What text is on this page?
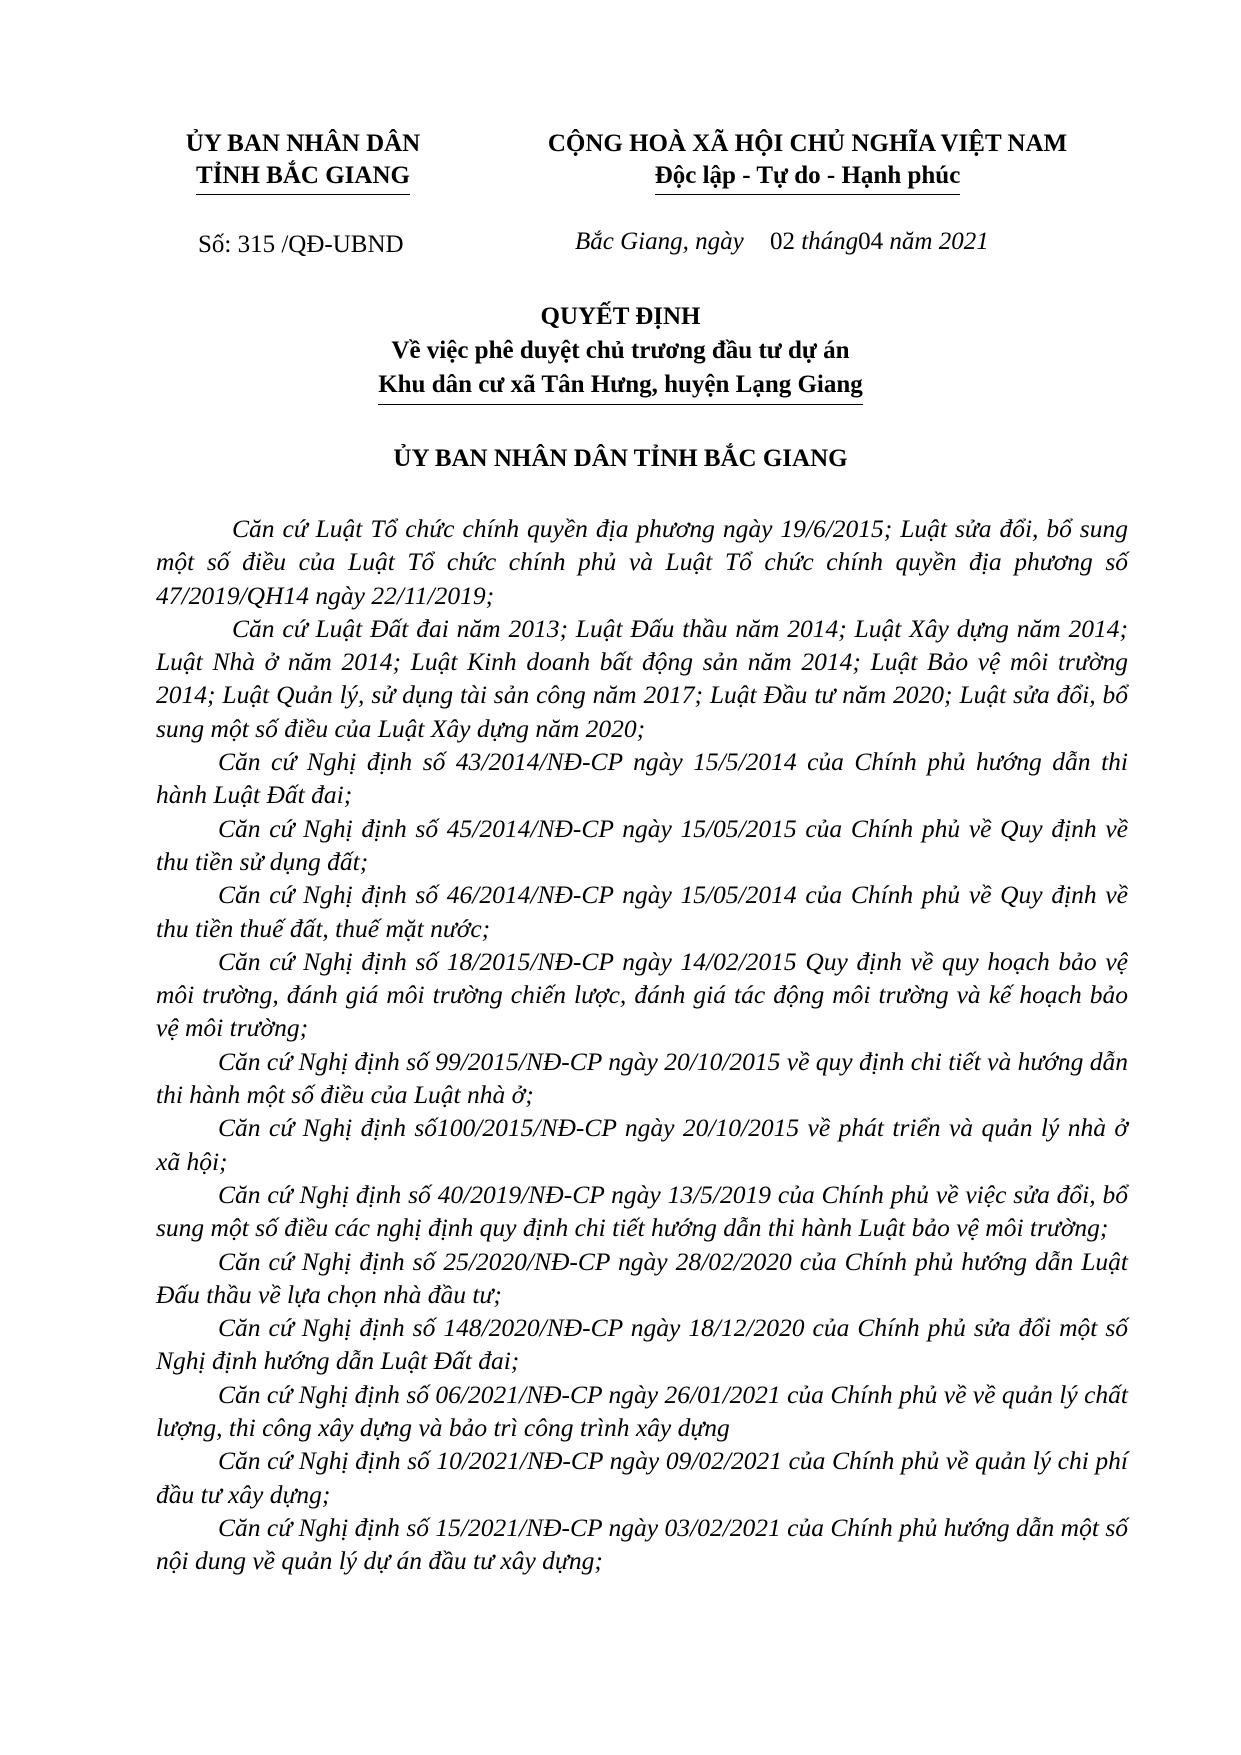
ỦY BAN NHÂN DÂN
TỈNH BẮC GIANG
CỘNG HOÀ XÃ HỘI CHỦ NGHĨA VIỆT NAM
Độc lập - Tự do - Hạnh phúc
Số: 315 /QĐ-UBND	Bắc Giang, ngày 02 tháng04 năm 2021
QUYẾT ĐỊNH
Về việc phê duyệt chủ trương đầu tư dự án
Khu dân cư xã Tân Hưng, huyện Lạng Giang
ỦY BAN NHÂN DÂN TỈNH BẮC GIANG

Căn cứ Luật Tổ chức chính quyền địa phương ngày 19/6/2015; Luật sửa đổi, bổ sung một số điều của Luật Tổ chức chính phủ và Luật Tổ chức chính quyền địa phương số 47/2019/QH14 ngày 22/11/2019;

Căn cứ Luật Đất đai năm 2013; Luật Đấu thầu năm 2014; Luật Xây dựng năm 2014; Luật Nhà ở năm 2014; Luật Kinh doanh bất động sản năm 2014; Luật Bảo vệ môi trường 2014; Luật Quản lý, sử dụng tài sản công năm 2017; Luật Đầu tư năm 2020; Luật sửa đổi, bổ sung một số điều của Luật Xây dựng năm 2020;

Căn cứ Nghị định số 43/2014/NĐ-CP ngày 15/5/2014 của Chính phủ hướng dẫn thi hành Luật Đất đai;

Căn cứ Nghị định số 45/2014/NĐ-CP ngày 15/05/2015 của Chính phủ về Quy định về thu tiền sử dụng đất;

Căn cứ Nghị định số 46/2014/NĐ-CP ngày 15/05/2014 của Chính phủ về Quy định về thu tiền thuế đất, thuế mặt nước;

Căn cứ Nghị định số 18/2015/NĐ-CP ngày 14/02/2015 Quy định về quy hoạch bảo vệ môi trường, đánh giá môi trường chiến lược, đánh giá tác động môi trường và kế hoạch bảo vệ môi trường;

Căn cứ Nghị định số 99/2015/NĐ-CP ngày 20/10/2015 về quy định chi tiết và hướng dẫn thi hành một số điều của Luật nhà ở;

Căn cứ Nghị định số100/2015/NĐ-CP ngày 20/10/2015 về phát triển và quản lý nhà ở xã hội;

Căn cứ Nghị định số 40/2019/NĐ-CP ngày 13/5/2019 của Chính phủ về việc sửa đổi, bổ sung một số điều các nghị định quy định chi tiết hướng dẫn thi hành Luật bảo vệ môi trường;

Căn cứ Nghị định số 25/2020/NĐ-CP ngày 28/02/2020 của Chính phủ hướng dẫn Luật Đấu thầu về lựa chọn nhà đầu tư;

Căn cứ Nghị định số 148/2020/NĐ-CP ngày 18/12/2020 của Chính phủ sửa đổi một số Nghị định hướng dẫn Luật Đất đai;

Căn cứ Nghị định số 06/2021/NĐ-CP ngày 26/01/2021 của Chính phủ về về quản lý chất lượng, thi công xây dựng và bảo trì công trình xây dựng

Căn cứ Nghị định số 10/2021/NĐ-CP ngày 09/02/2021 của Chính phủ về quản lý chi phí đầu tư xây dựng;

Căn cứ Nghị định số 15/2021/NĐ-CP ngày 03/02/2021 của Chính phủ hướng dẫn một số nội dung về quản lý dự án đầu tư xây dựng;
